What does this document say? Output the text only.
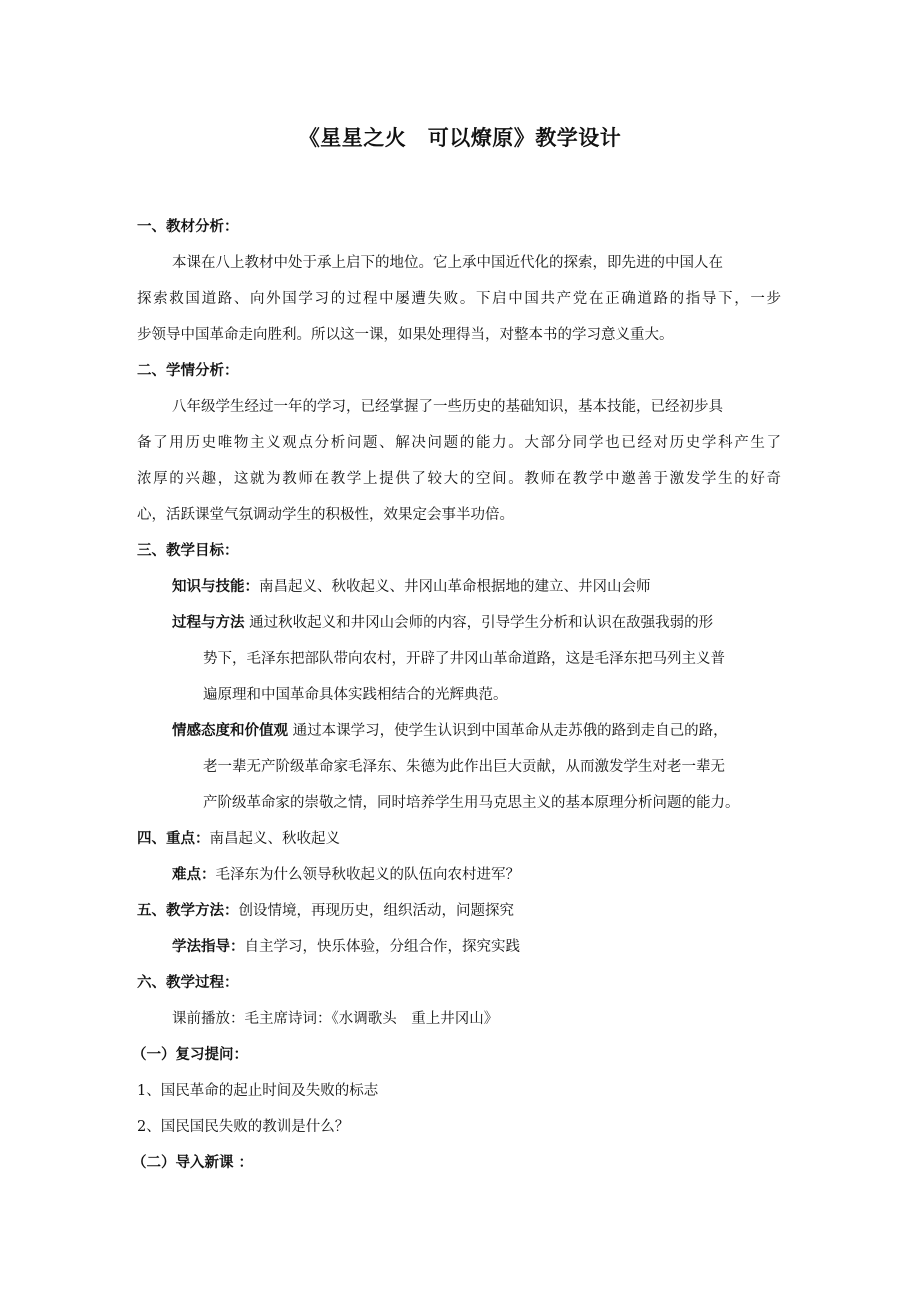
《星星之火　可以燎原》教学设计
一、教材分析：
本课在八上教材中处于承上启下的地位。它上承中国近代化的探索，即先进的中国人在
探索救国道路、向外国学习的过程中屡遭失败。下启中国共产党在正确道路的指导下，一步
步领导中国革命走向胜利。所以这一课，如果处理得当，对整本书的学习意义重大。
二、学情分析：
八年级学生经过一年的学习，已经掌握了一些历史的基础知识，基本技能，已经初步具
备了用历史唯物主义观点分析问题、解决问题的能力。大部分同学也已经对历史学科产生了
浓厚的兴趣，这就为教师在教学上提供了较大的空间。教师在教学中邀善于激发学生的好奇
心，活跃课堂气氛调动学生的积极性，效果定会事半功倍。
三、教学目标：
知识与技能：南昌起义、秋收起义、井冈山革命根据地的建立、井冈山会师
过程与方法 通过秋收起义和井冈山会师的内容，引导学生分析和认识在敌强我弱的形
势下，毛泽东把部队带向农村，开辟了井冈山革命道路，这是毛泽东把马列主义普
遍原理和中国革命具体实践相结合的光辉典范。
情感态度和价值观 通过本课学习，使学生认识到中国革命从走苏俄的路到走自己的路，
老一辈无产阶级革命家毛泽东、朱德为此作出巨大贡献，从而激发学生对老一辈无
产阶级革命家的崇敬之情，同时培养学生用马克思主义的基本原理分析问题的能力。
四、重点：南昌起义、秋收起义
难点：毛泽东为什么领导秋收起义的队伍向农村进军？
五、教学方法：创设情境，再现历史，组织活动，问题探究
学法指导：自主学习，快乐体验，分组合作，探究实践
六、教学过程：
课前播放：毛主席诗词：《水调歌头　重上井冈山》
（一）复习提问：
1、国民革命的起止时间及失败的标志
2、国民国民失败的教训是什么？
（二）导入新课 ：
